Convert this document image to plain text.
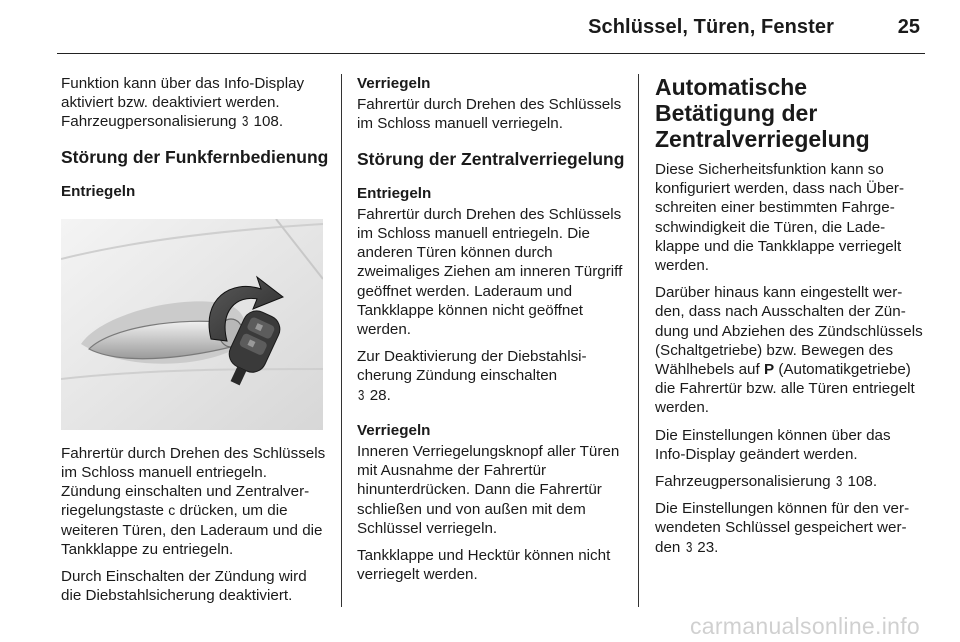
Schlüssel, Türen, Fenster	25

Funktion kann über das Info-Display aktiviert bzw. deaktiviert werden.
Fahrzeugpersonalisierung 3 108.

Störung der Funkfernbedienung
Entriegeln

Fahrertür durch Drehen des Schlüssels im Schloss manuell entriegeln. Zündung einschalten und Zentralverriegelungstaste c drücken, um die weiteren Türen, den Laderaum und die Tankklappe zu entriegeln.

Durch Einschalten der Zündung wird die Diebstahlsicherung deaktiviert.

Verriegeln

Fahrertür durch Drehen des Schlüssels im Schloss manuell verriegeln.

Störung der Zentralverriegelung
Entriegeln

Fahrertür durch Drehen des Schlüssels im Schloss manuell entriegeln. Die anderen Türen können durch zweimaliges Ziehen am inneren Türgriff geöffnet werden. Laderaum und Tankklappe können nicht geöffnet werden.

Zur Deaktivierung der Diebstahlsicherung Zündung einschalten
3 28.

Verriegeln

Inneren Verriegelungsknopf aller Türen mit Ausnahme der Fahrertür hinunterdrücken. Dann die Fahrertür schließen und von außen mit dem Schlüssel verriegeln.

Tankklappe und Hecktür können nicht verriegelt werden.

Automatische Betätigung der Zentralverriegelung

Diese Sicherheitsfunktion kann so konfiguriert werden, dass nach Überschreiten einer bestimmten Fahrgeschwindigkeit die Türen, die Ladeklappe und die Tankklappe verriegelt werden.

Darüber hinaus kann eingestellt werden, dass nach Ausschalten der Zündung und Abziehen des Zündschlüssels (Schaltgetriebe) bzw. Bewegen des Wählhebels auf P (Automatikgetriebe) die Fahrertür bzw. alle Türen entriegelt werden.

Die Einstellungen können über das Info-Display geändert werden.

Fahrzeugpersonalisierung 3 108.

Die Einstellungen können für den verwendeten Schlüssel gespeichert werden 3 23.

carmanualsonline.info
